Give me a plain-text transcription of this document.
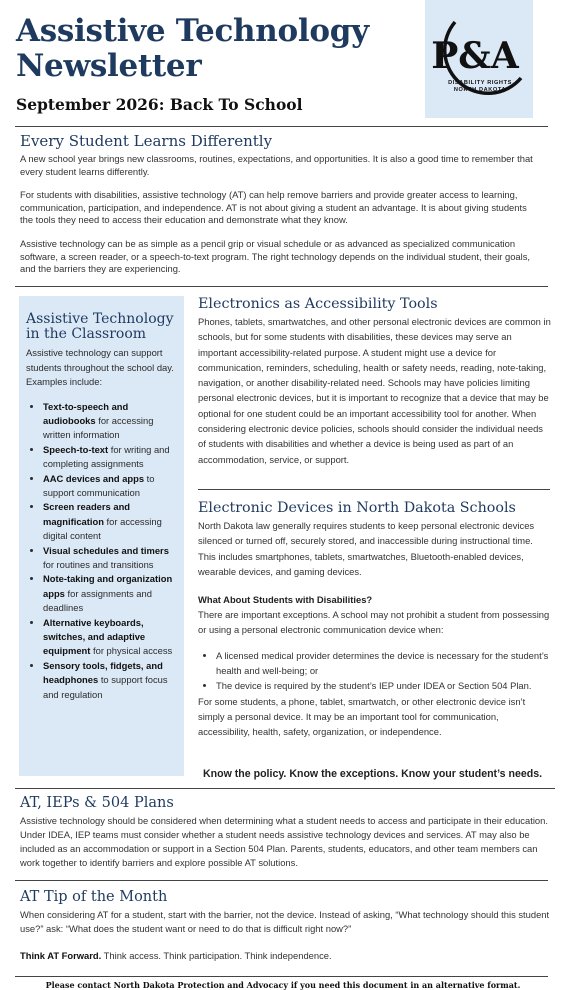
Assistive Technology Newsletter
September 2026: Back To School
P&A
DISABILITY RIGHTS
NORTH DAKOTA
Every Student Learns Differently

A new school year brings new classrooms, routines, expectations, and opportunities. It is also a good time to remember that every student learns differently.

For students with disabilities, assistive technology (AT) can help remove barriers and provide greater access to learning, communication, participation, and independence. AT is not about giving a student an advantage. It is about giving students the tools they need to access their education and demonstrate what they know.

Assistive technology can be as simple as a pencil grip or visual schedule or as advanced as specialized communication software, a screen reader, or a speech-to-text program. The right technology depends on the individual student, their goals, and the barriers they are experiencing.

Assistive Technology in the Classroom
Assistive technology can support students throughout the school day. Examples include:
• Text-to-speech and audiobooks for accessing written information
• Speech-to-text for writing and completing assignments
• AAC devices and apps to support communication
• Screen readers and magnification for accessing digital content
• Visual schedules and timers for routines and transitions
• Note-taking and organization apps for assignments and deadlines
• Alternative keyboards, switches, and adaptive equipment for physical access
• Sensory tools, fidgets, and headphones to support focus and regulation
Electronics as Accessibility Tools

Phones, tablets, smartwatches, and other personal electronic devices are common in schools, but for some students with disabilities, these devices may serve an important accessibility-related purpose. A student might use a device for communication, reminders, scheduling, health or safety needs, reading, note-taking, navigation, or another disability-related need. Schools may have policies limiting personal electronic devices, but it is important to recognize that a device that may be optional for one student could be an important accessibility tool for another. When considering electronic device policies, schools should consider the individual needs of students with disabilities and whether a device is being used as part of an accommodation, service, or support.

Electronic Devices in North Dakota Schools

North Dakota law generally requires students to keep personal electronic devices silenced or turned off, securely stored, and inaccessible during instructional time. This includes smartphones, tablets, smartwatches, Bluetooth-enabled devices, wearable devices, and gaming devices.

What About Students with Disabilities?

There are important exceptions. A school may not prohibit a student from possessing or using a personal electronic communication device when:

• A licensed medical provider determines the device is necessary for the student’s health and well-being; or
• The device is required by the student’s IEP under IDEA or Section 504 Plan.

For some students, a phone, tablet, smartwatch, or other electronic device isn’t simply a personal device. It may be an important tool for communication, accessibility, health, safety, organization, or independence.

Know the policy. Know the exceptions. Know your student’s needs.
AT, IEPs & 504 Plans

Assistive technology should be considered when determining what a student needs to access and participate in their education. Under IDEA, IEP teams must consider whether a student needs assistive technology devices and services. AT may also be included as an accommodation or support in a Section 504 Plan. Parents, students, educators, and other team members can work together to identify barriers and explore possible AT solutions.

AT Tip of the Month

When considering AT for a student, start with the barrier, not the device. Instead of asking, “What technology should this student use?” ask: “What does the student want or need to do that is difficult right now?”

Think AT Forward. Think access. Think participation. Think independence.

Please contact North Dakota Protection and Advocacy if you need this document in an alternative format.
